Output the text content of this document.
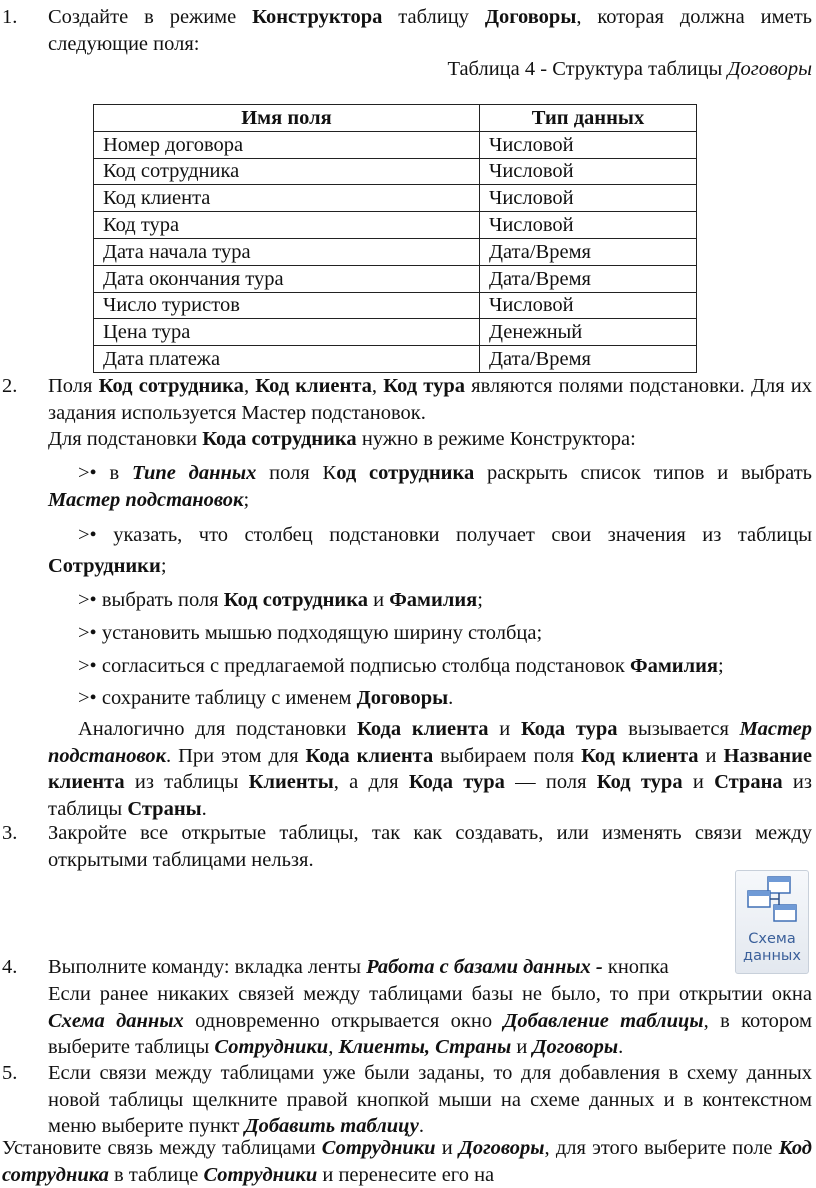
1.	Создайте в режиме Конструктора таблицу Договоры, которая должна иметь следующие поля:
Таблица 4 - Структура таблицы Договоры
Имя поля	Тип данных
Номер договора	Числовой
Код сотрудника	Числовой
Код клиента	Числовой
Код тура	Числовой
Дата начала тура	Дата/Время
Дата окончания тура	Дата/Время
Число туристов	Числовой
Цена тура	Денежный
Дата платежа	Дата/Время
2.	Поля Код сотрудника, Код клиента, Код тура являются полями подстановки. Для их задания используется Мастер подстановок.
Для подстановки Кода сотрудника нужно в режиме Конструктора:
>• в Типе данных поля Код сотрудника раскрыть список типов и выбрать
Мастер подстановок;
>• указать, что столбец подстановки получает свои значения из таблицы
Сотрудники;
>• выбрать поля Код сотрудника и Фамилия;
>• установить мышью подходящую ширину столбца;
>• согласиться с предлагаемой подписью столбца подстановок Фамилия;
>• сохраните таблицу с именем Договоры.
Аналогично для подстановки Кода клиента и Кода тура вызывается Мастер подстановок. При этом для Кода клиента выбираем поля Код клиента и Название клиента из таблицы Клиенты, а для Кода тура — поля Код тура и Страна из таблицы Страны.
3.	Закройте все открытые таблицы, так как создавать, или изменять связи между открытыми таблицами нельзя.
Схема данных
4.	Выполните команду: вкладка ленты Работа с базами данных - кнопка
Если ранее никаких связей между таблицами базы не было, то при открытии окна Схема данных одновременно открывается окно Добавление таблицы, в котором выберите таблицы Сотрудники, Клиенты, Страны и Договоры.
5.	Если связи между таблицами уже были заданы, то для добавления в схему данных новой таблицы щелкните правой кнопкой мыши на схеме данных и в контекстном меню выберите пункт Добавить таблицу.
Установите связь между таблицами Сотрудники и Договоры, для этого выберите поле Код сотрудника в таблице Сотрудники и перенесите его на
